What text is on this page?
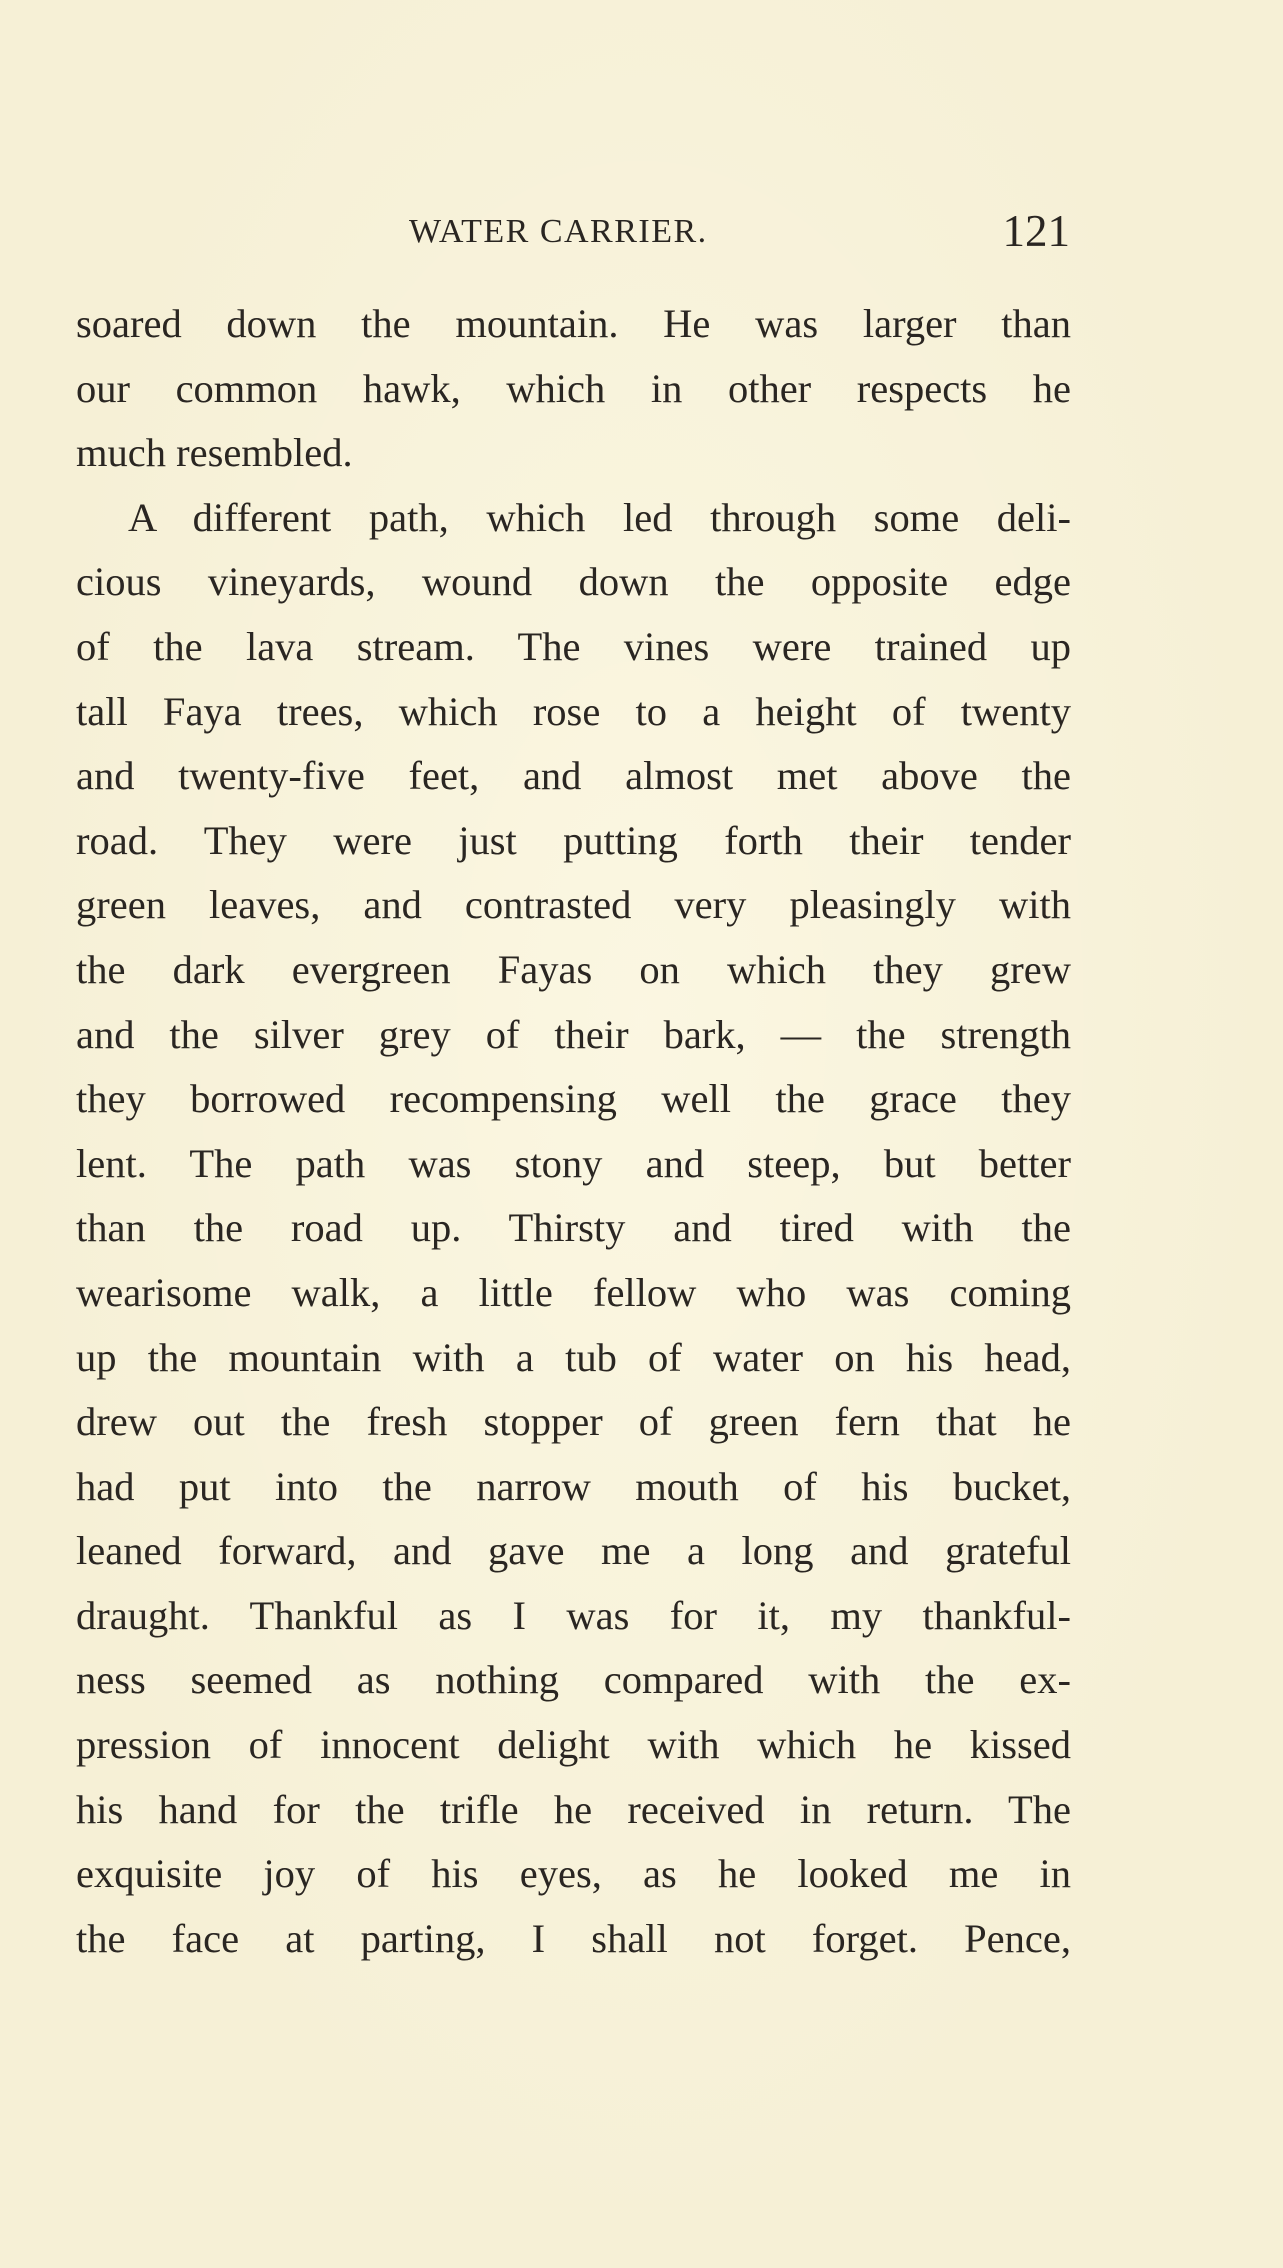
WATER CARRIER.	121
soared down the mountain. He was larger than
our common hawk, which in other respects he
much resembled.
A different path, which led through some deli-
cious vineyards, wound down the opposite edge
of the lava stream. The vines were trained up
tall Faya trees, which rose to a height of twenty
and twenty-five feet, and almost met above the
road. They were just putting forth their tender
green leaves, and contrasted very pleasingly with
the dark evergreen Fayas on which they grew
and the silver grey of their bark, — the strength
they borrowed recompensing well the grace they
lent. The path was stony and steep, but better
than the road up. Thirsty and tired with the
wearisome walk, a little fellow who was coming
up the mountain with a tub of water on his head,
drew out the fresh stopper of green fern that he
had put into the narrow mouth of his bucket,
leaned forward, and gave me a long and grateful
draught. Thankful as I was for it, my thankful-
ness seemed as nothing compared with the ex-
pression of innocent delight with which he kissed
his hand for the trifle he received in return. The
exquisite joy of his eyes, as he looked me in
the face at parting, I shall not forget. Pence,
